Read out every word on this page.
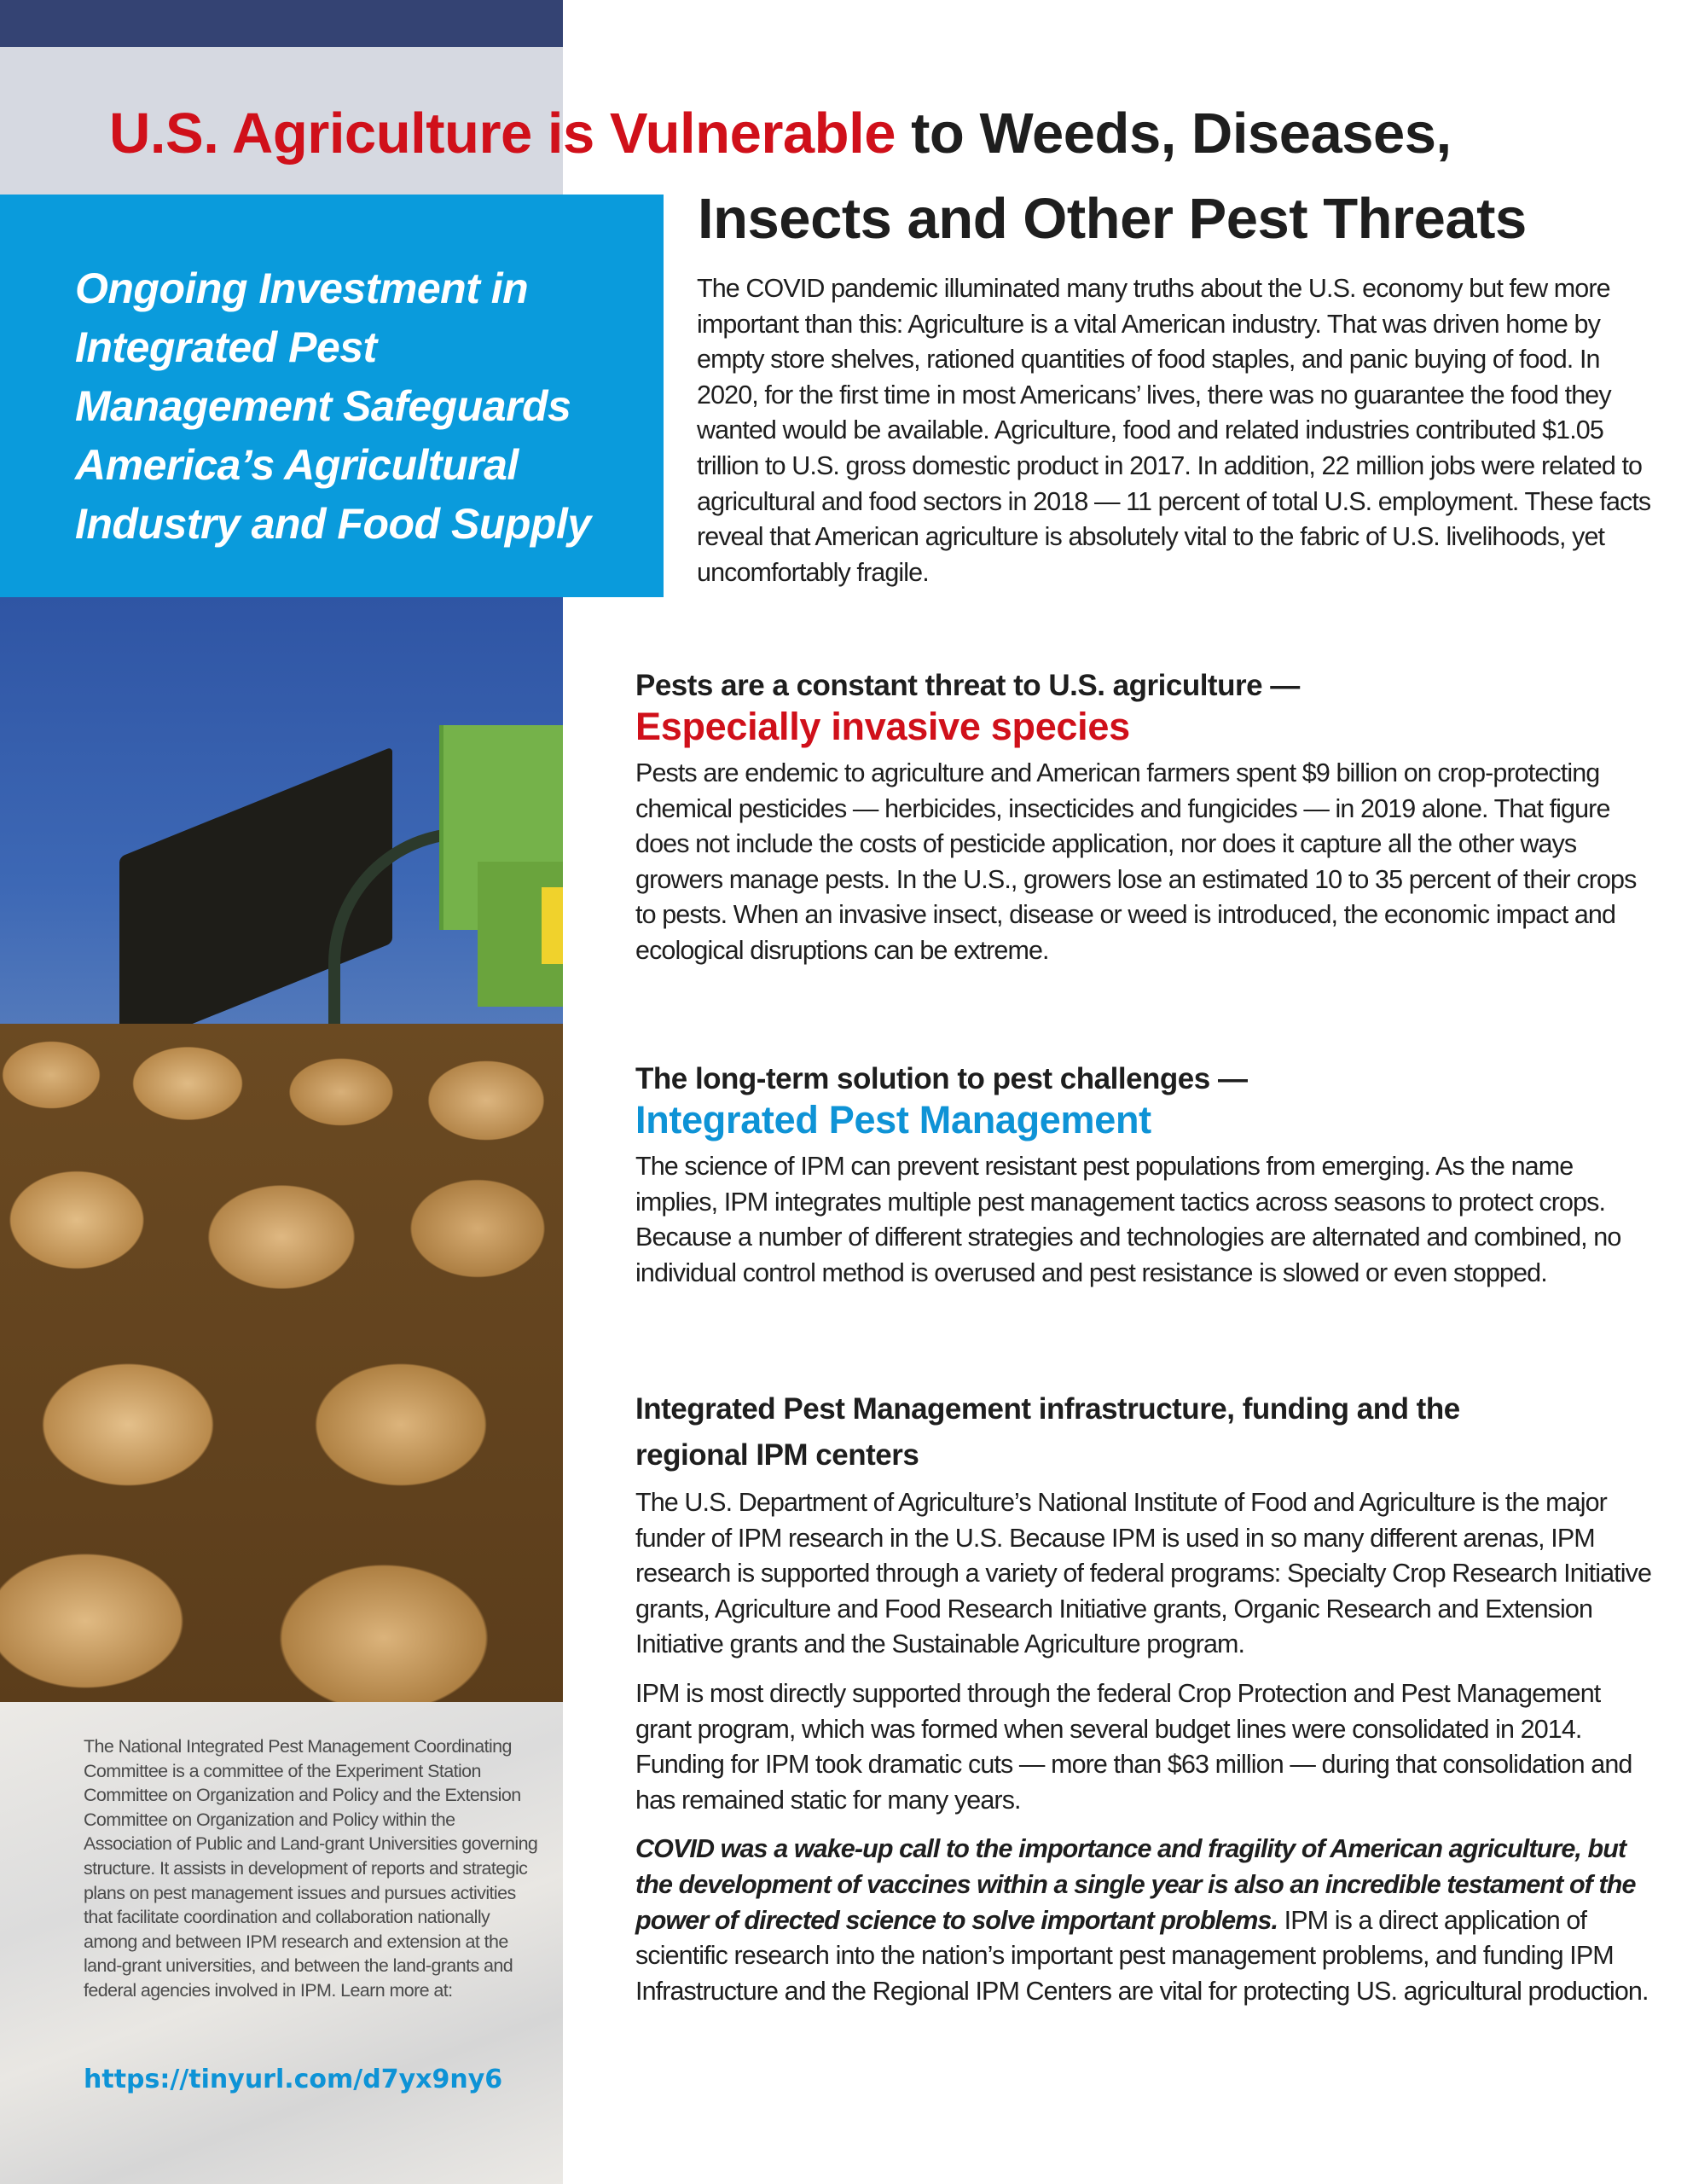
The National Integrated Pest Management Coordinating Committee is a committee of the Experiment Station Committee on Organization and Policy and the Extension Committee on Organization and Policy within the Association of Public and Land-grant Universities governing structure. It assists in development of reports and strategic plans on pest management issues and pursues activities that facilitate coordination and collaboration nationally among and between IPM research and extension at the land-grant universities, and between the land-grants and federal agencies involved in IPM. Learn more at:

https://tinyurl.com/d7yx9ny6
Ongoing Investment in Integrated Pest Management Safeguards America’s Agricultural Industry and Food Supply
U.S. Agriculture is Vulnerable to Weeds, Diseases,
Insects and Other Pest Threats

The COVID pandemic illuminated many truths about the U.S. economy but few more important than this: Agriculture is a vital American industry. That was driven home by empty store shelves, rationed quantities of food staples, and panic buying of food. In 2020, for the first time in most Americans’ lives, there was no guarantee the food they wanted would be available. Agriculture, food and related industries contributed $1.05 trillion to U.S. gross domestic product in 2017. In addition, 22 million jobs were related to agricultural and food sectors in 2018 — 11 percent of total U.S. employment. These facts reveal that American agriculture is absolutely vital to the fabric of U.S. livelihoods, yet uncomfortably fragile.

Pests are a constant threat to U.S. agriculture —
Especially invasive species

Pests are endemic to agriculture and American farmers spent $9 billion on crop-protecting chemical pesticides — herbicides, insecticides and fungicides — in 2019 alone. That figure does not include the costs of pesticide application, nor does it capture all the other ways growers manage pests. In the U.S., growers lose an estimated 10 to 35 percent of their crops to pests. When an invasive insect, disease or weed is introduced, the economic impact and ecological disruptions can be extreme.

The long-term solution to pest challenges —
Integrated Pest Management

The science of IPM can prevent resistant pest populations from emerging. As the name implies, IPM integrates multiple pest management tactics across seasons to protect crops. Because a number of different strategies and technologies are alternated and combined, no individual control method is overused and pest resistance is slowed or even stopped.

Integrated Pest Management infrastructure, funding and the regional IPM centers

The U.S. Department of Agriculture’s National Institute of Food and Agriculture is the major funder of IPM research in the U.S. Because IPM is used in so many different arenas, IPM research is supported through a variety of federal programs: Specialty Crop Research Initiative grants, Agriculture and Food Research Initiative grants, Organic Research and Extension Initiative grants and the Sustainable Agriculture program.

IPM is most directly supported through the federal Crop Protection and Pest Management grant program, which was formed when several budget lines were consolidated in 2014. Funding for IPM took dramatic cuts — more than $63 million — during that consolidation and has remained static for many years.

COVID was a wake-up call to the importance and fragility of American agriculture, but the development of vaccines within a single year is also an incredible testament of the power of directed science to solve important problems. IPM is a direct application of scientific research into the nation’s important pest management problems, and funding IPM Infrastructure and the Regional IPM Centers are vital for protecting US. agricultural production.
